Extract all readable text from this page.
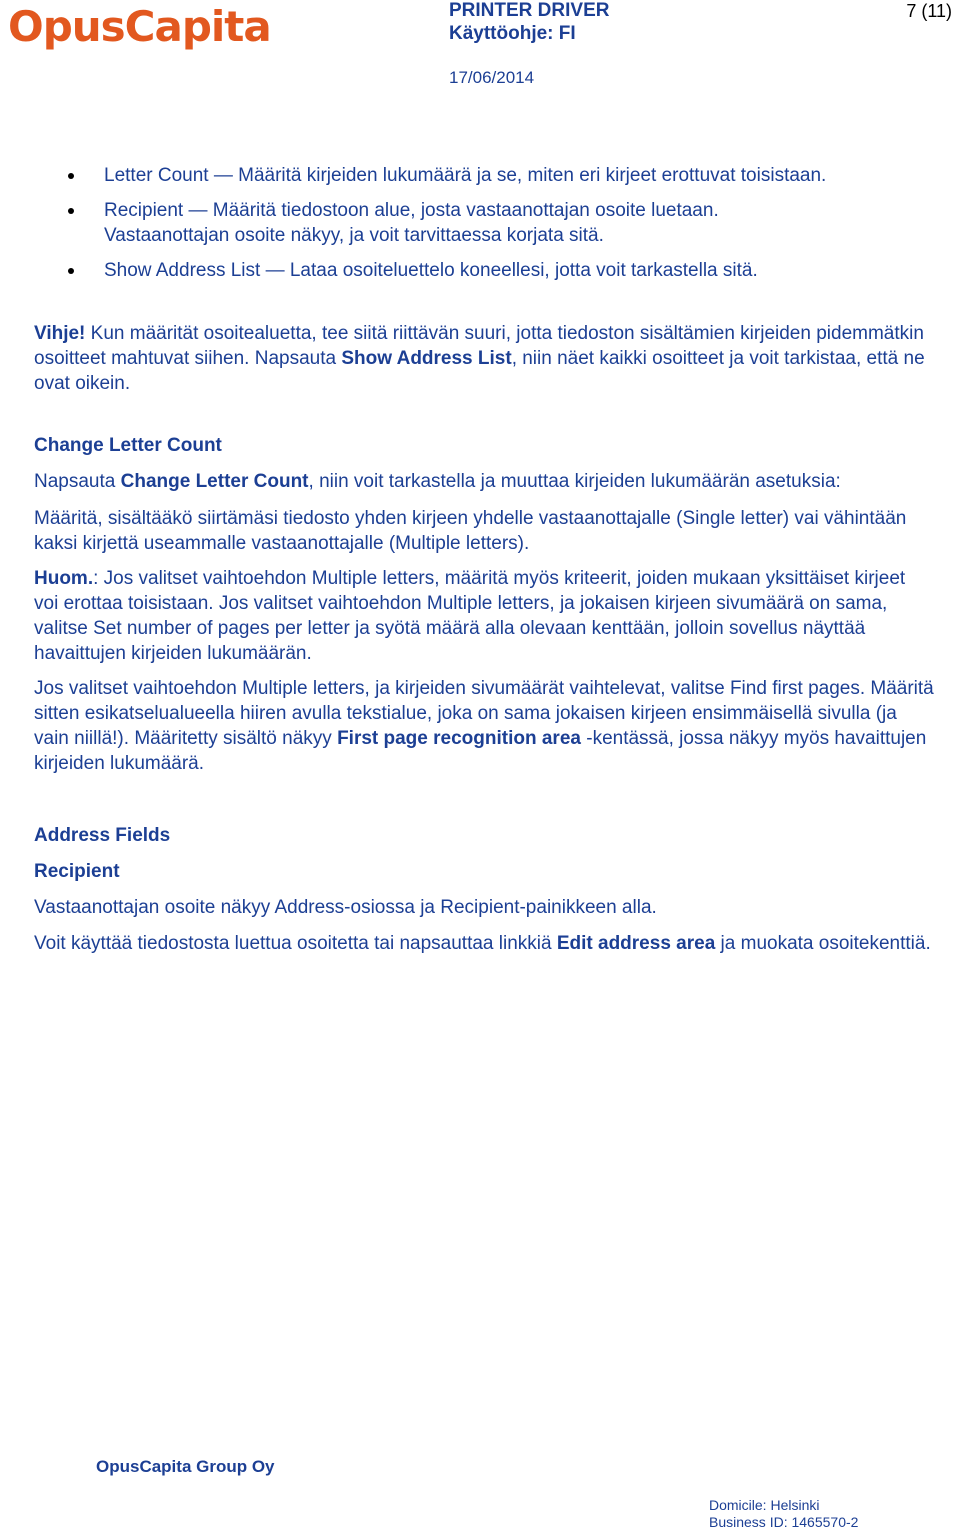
OpusCapita	PRINTER DRIVER
Käyttöohje: FI
17/06/2014
7 (11)
Letter Count — Määritä kirjeiden lukumäärä ja se, miten eri kirjeet erottuvat toisistaan.
Recipient — Määritä tiedostoon alue, josta vastaanottajan osoite luetaan.
Vastaanottajan osoite näkyy, ja voit tarvittaessa korjata sitä.
Show Address List — Lataa osoiteluettelo koneellesi, jotta voit tarkastella sitä.

Vihje! Kun määrität osoitealuetta, tee siitä riittävän suuri, jotta tiedoston sisältämien kirjeiden pidemmätkin osoitteet mahtuvat siihen. Napsauta Show Address List, niin näet kaikki osoitteet ja voit tarkistaa, että ne ovat oikein.

Change Letter Count

Napsauta Change Letter Count, niin voit tarkastella ja muuttaa kirjeiden lukumäärän asetuksia:

Määritä, sisältääkö siirtämäsi tiedosto yhden kirjeen yhdelle vastaanottajalle (Single letter) vai vähintään kaksi kirjettä useammalle vastaanottajalle (Multiple letters).

Huom.: Jos valitset vaihtoehdon Multiple letters, määritä myös kriteerit, joiden mukaan yksittäiset kirjeet voi erottaa toisistaan. Jos valitset vaihtoehdon Multiple letters, ja jokaisen kirjeen sivumäärä on sama, valitse Set number of pages per letter ja syötä määrä alla olevaan kenttään, jolloin sovellus näyttää havaittujen kirjeiden lukumäärän.

Jos valitset vaihtoehdon Multiple letters, ja kirjeiden sivumäärät vaihtelevat, valitse Find first pages. Määritä sitten esikatselualueella hiiren avulla tekstialue, joka on sama jokaisen kirjeen ensimmäisellä sivulla (ja vain niillä!). Määritetty sisältö näkyy First page recognition area -kentässä, jossa näkyy myös havaittujen kirjeiden lukumäärä.

Address Fields

Recipient

Vastaanottajan osoite näkyy Address-osiossa ja Recipient-painikkeen alla.

Voit käyttää tiedostosta luettua osoitetta tai napsauttaa linkkiä Edit address area ja muokata osoitekenttiä.

OpusCapita Group Oy
Domicile: Helsinki
Business ID: 1465570-2
